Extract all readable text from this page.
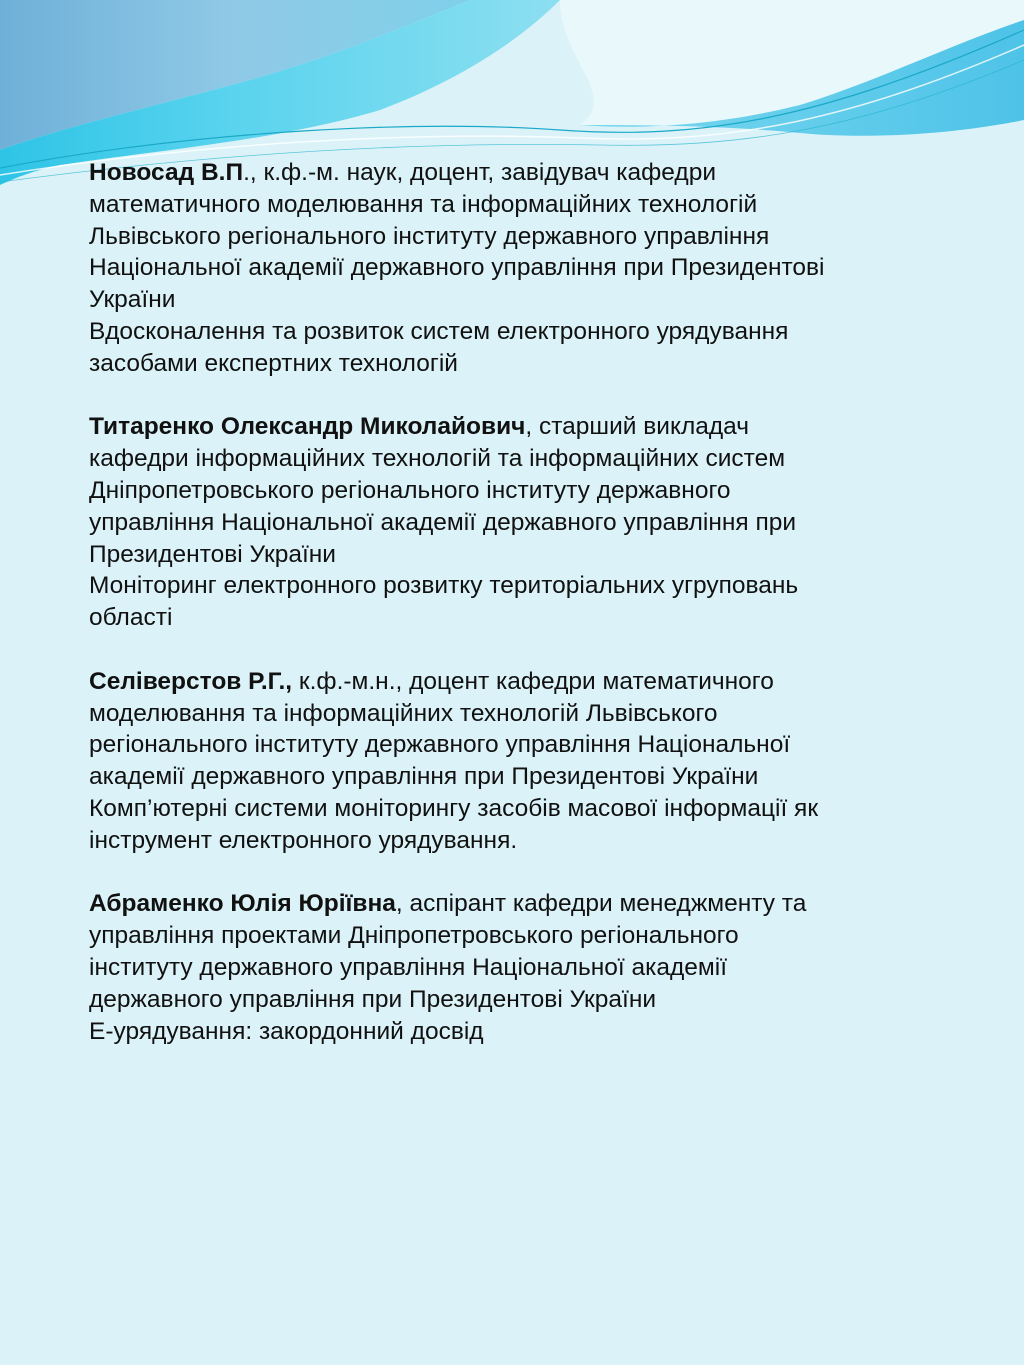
Новосад В.П., к.ф.-м. наук, доцент, завідувач кафедри
математичного моделювання та інформаційних технологій
Львівського регіонального інституту державного управління
Національної академії державного управління при Президентові
України
Вдосконалення та розвиток систем електронного урядування
засобами експертних технологій
Титаренко Олександр Миколайович, старший викладач
кафедри інформаційних технологій та інформаційних систем
Дніпропетровського регіонального інституту державного
управління Національної академії державного управління при
Президентові України
Моніторинг електронного розвитку територіальних угруповань
області
Селіверстов Р.Г., к.ф.-м.н., доцент кафедри математичного
моделювання та інформаційних технологій Львівського
регіонального інституту державного управління Національної
академії державного управління при Президентові України
Комп’ютерні системи моніторингу засобів масової інформації як
інструмент електронного урядування.
Абраменко Юлія Юріївна, аспірант кафедри менеджменту та
управління проектами Дніпропетровського регіонального
інституту державного управління Національної академії
державного управління при Президентові України
Е-урядування: закордонний досвід
